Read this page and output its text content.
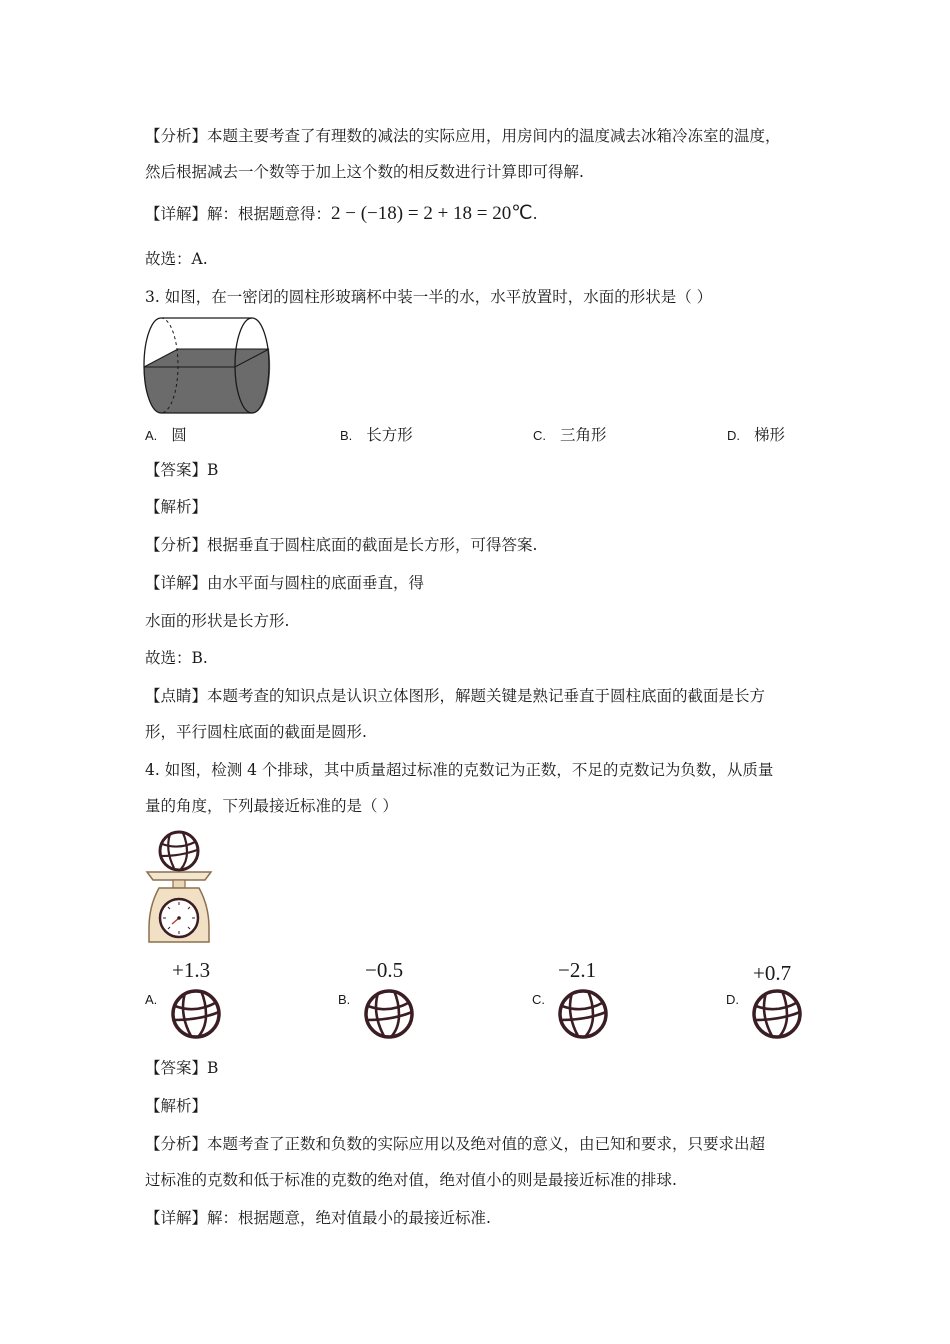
【分析】本题主要考查了有理数的减法的实际应用，用房间内的温度减去冰箱冷冻室的温度，
然后根据减去一个数等于加上这个数的相反数进行计算即可得解.
【详解】解：根据题意得：2 − (−18) = 2 + 18 = 20℃.
故选：A.
3. 如图，在一密闭的圆柱形玻璃杯中装一半的水，水平放置时，水面的形状是（ ）
A. 圆	B. 长方形	C. 三角形	D. 梯形
【答案】B
【解析】
【分析】根据垂直于圆柱底面的截面是长方形，可得答案.
【详解】由水平面与圆柱的底面垂直，得
水面的形状是长方形.
故选：B.
【点睛】本题考查的知识点是认识立体图形，解题关键是熟记垂直于圆柱底面的截面是长方
形，平行圆柱底面的截面是圆形.
4. 如图，检测 4 个排球，其中质量超过标准的克数记为正数，不足的克数记为负数，从质量
量的角度，下列最接近标准的是（ ）
+1.3	−0.5	−2.1	+0.7
A.	B.	C.	D.
【答案】B
【解析】
【分析】本题考查了正数和负数的实际应用以及绝对值的意义，由已知和要求，只要求出超
过标准的克数和低于标准的克数的绝对值，绝对值小的则是最接近标准的排球.
【详解】解：根据题意，绝对值最小的最接近标准.
